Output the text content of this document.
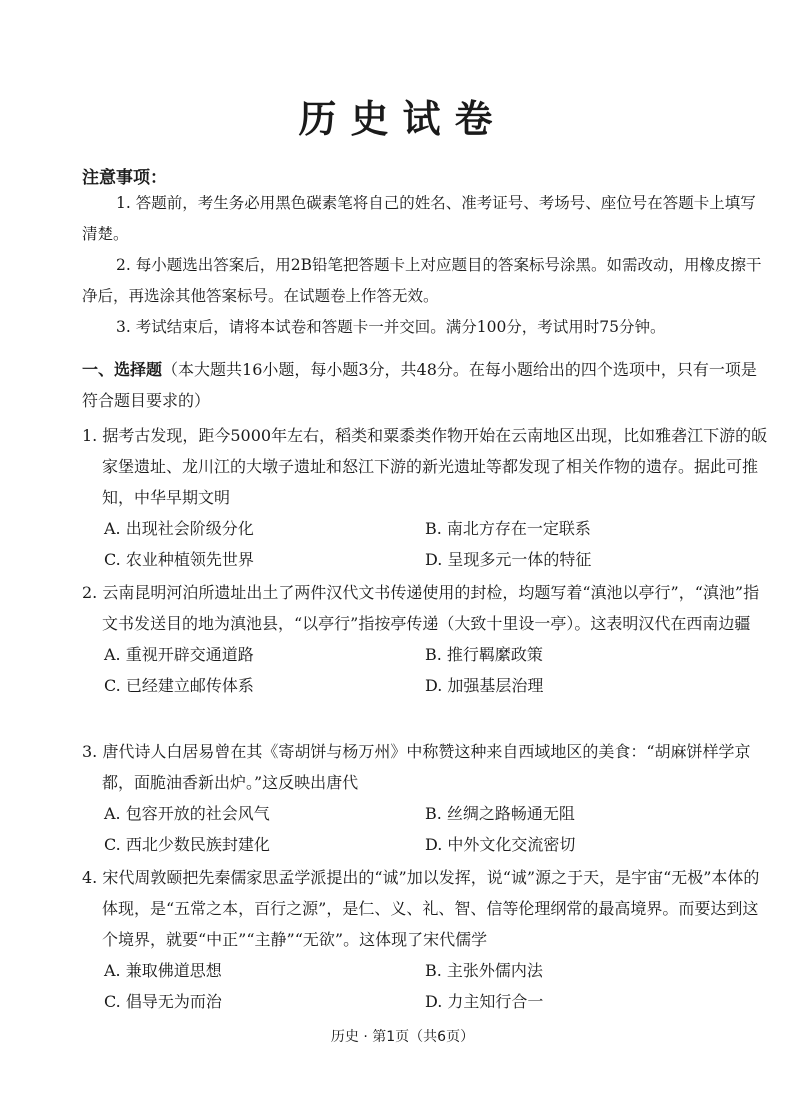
历史试卷
注意事项：

1. 答题前，考生务必用黑色碳素笔将自己的姓名、准考证号、考场号、座位号在答题卡上填写清楚。

2. 每小题选出答案后，用2B铅笔把答题卡上对应题目的答案标号涂黑。如需改动，用橡皮擦干净后，再选涂其他答案标号。在试题卷上作答无效。

3. 考试结束后，请将本试卷和答题卡一并交回。满分100分，考试用时75分钟。

一、选择题（本大题共16小题，每小题3分，共48分。在每小题给出的四个选项中，只有一项是符合题目要求的）

1. 据考古发现，距今5000年左右，稻类和粟黍类作物开始在云南地区出现，比如雅砻江下游的皈家堡遗址、龙川江的大墩子遗址和怒江下游的新光遗址等都发现了相关作物的遗存。据此可推知，中华早期文明

A. 出现社会阶级分化	B. 南北方存在一定联系
C. 农业种植领先世界	D. 呈现多元一体的特征

2. 云南昆明河泊所遗址出土了两件汉代文书传递使用的封检，均题写着“滇池以亭行”，“滇池”指文书发送目的地为滇池县，“以亭行”指按亭传递（大致十里设一亭）。这表明汉代在西南边疆

A. 重视开辟交通道路	B. 推行羁縻政策
C. 已经建立邮传体系	D. 加强基层治理

3. 唐代诗人白居易曾在其《寄胡饼与杨万州》中称赞这种来自西域地区的美食：“胡麻饼样学京都，面脆油香新出炉。”这反映出唐代

A. 包容开放的社会风气	B. 丝绸之路畅通无阻
C. 西北少数民族封建化	D. 中外文化交流密切

4. 宋代周敦颐把先秦儒家思孟学派提出的“诚”加以发挥，说“诚”源之于天，是宇宙“无极”本体的体现，是“五常之本，百行之源”，是仁、义、礼、智、信等伦理纲常的最高境界。而要达到这个境界，就要“中正”“主静”“无欲”。这体现了宋代儒学

A. 兼取佛道思想	B. 主张外儒内法
C. 倡导无为而治	D. 力主知行合一
历史 · 第1页（共6页）
